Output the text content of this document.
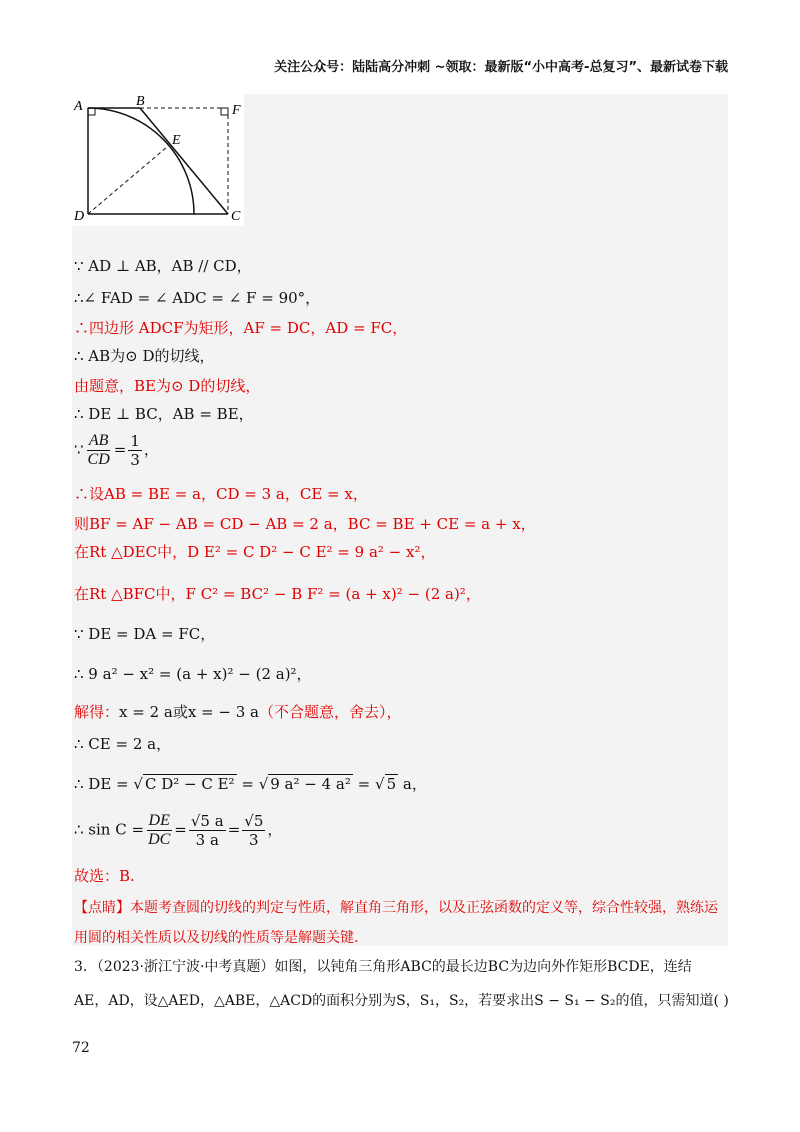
关注公众号：陆陆高分冲刺 ~领取：最新版“小中高考-总复习”、最新试卷下载
A	B
E
F
D	C
∵ AD ⊥ AB，AB // CD，
∴∠ FAD = ∠ ADC = ∠ F = 90°，
∴四边形 ADCF为矩形，AF = DC，AD = FC，
∴ AB为⊙ D的切线，
由题意，BE为⊙ D的切线，
∴ DE ⊥ BC，AB = BE，
∵ $\frac{AB}{CD} = \frac{1}{3}$ ，
∴设AB = BE = a，CD = 3 a，CE = x，
则BF = AF − AB = CD − AB = 2 a，BC = BE + CE = a + x，
在Rt △DEC中，D E² = C D² − C E² = 9 a² − x²，
在Rt △BFC中，F C² = BC² − B F² = (a + x)² − (2 a)²，
∵ DE = DA = FC，
∴ 9 a² − x² = (a + x)² − (2 a)²，
解得：x = 2 a或x = − 3 a（不合题意，舍去），
∴ CE = 2 a，
∴ DE = √ C D² − C E² = √ 9 a² − 4 a² = √ 5 a，
∴ $\sin C = \frac{DE}{DC} = \frac{√5 a}{3 a} = \frac{√5}{3}$ ，
故选：B.
【点睛】本题考查圆的切线的判定与性质，解直角三角形，以及正弦函数的定义等，综合性较强，熟练运
用圆的相关性质以及切线的性质等是解题关键.
3．（2023·浙江宁波·中考真题）如图，以钝角三角形ABC的最长边BC为边向外作矩形BCDE，连结
AE，AD，设△AED，△ABE，△ACD的面积分别为S，S₁，S₂，若要求出S − S₁ − S₂的值，只需知道( )
72
